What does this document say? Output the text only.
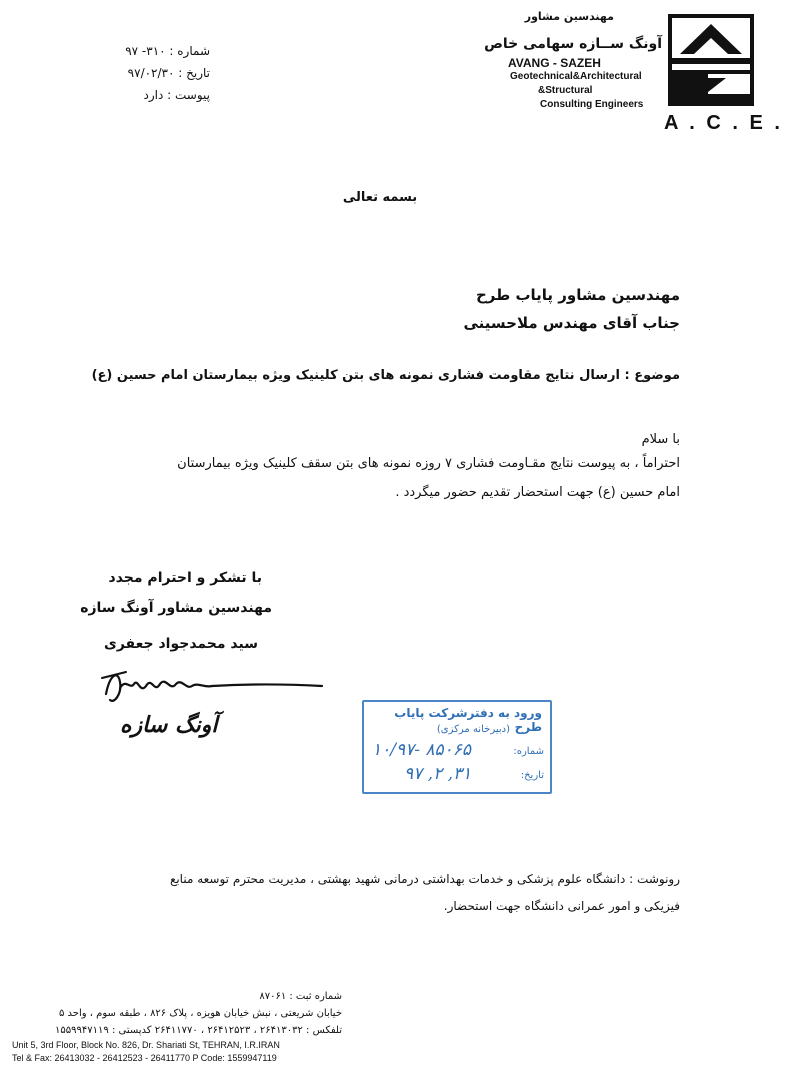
شماره : ۳۱۰- ۹۷
تاریخ : ۹۷/۰۲/۳۰
پیوست : دارد
مهندسین مشاور
آونگ ســازه سهامی خاص
AVANG - SAZEH
Geotechnical&Architectural
&Structural
Consulting Engineers
A . C . E .
بسمه تعالی
مهندسین مشاور پایاب طرح
جناب آقای مهندس ملاحسینی
موضوع : ارسال نتایج مقاومت فشاری نمونه های بتن کلینیک ویژه بیمارستان امام حسین (ع)
با سلام
احتراماً ، به پیوست نتایج مقـاومت فشاری ۷ روزه نمونه های بتن سقف کلینیک ویژه بیمارستان
امام حسین (ع) جهت استحضار تقدیم حضور میگردد .
با تشکر و احترام مجدد
مهندسین مشاور آونگ سازه
سید محمدجواد جعفری
آونگ سازه	ورود به دفترشرکت پایاب طرح
(دبیرخانه مرکزی)
شماره:
۱۰/۹۷- ۸۵۰۶۵
تاریخ:
۹۷ ,۲ ,۳۱
رونوشت : دانشگاه علوم پزشکی و خدمات بهداشتی درمانی شهید بهشتی ، مدیریت محترم توسعه منابع
فیزیکی و امور عمرانی دانشگاه جهت استحضار.
شماره ثبت : ۸۷۰۶۱
خیابان شریعتی ، نبش خیابان هویزه ، پلاک ۸۲۶ ، طبقه سوم ، واحد ۵
تلفکس : ۲۶۴۱۳۰۳۲ ، ۲۶۴۱۲۵۲۳ ، ۲۶۴۱۱۷۷۰ کدپستی : ۱۵۵۹۹۴۷۱۱۹
Unit 5, 3rd Floor, Block No. 826, Dr. Shariati St, TEHRAN, I.R.IRAN
Tel & Fax: 26413032 - 26412523 - 26411770 P Code: 1559947119
